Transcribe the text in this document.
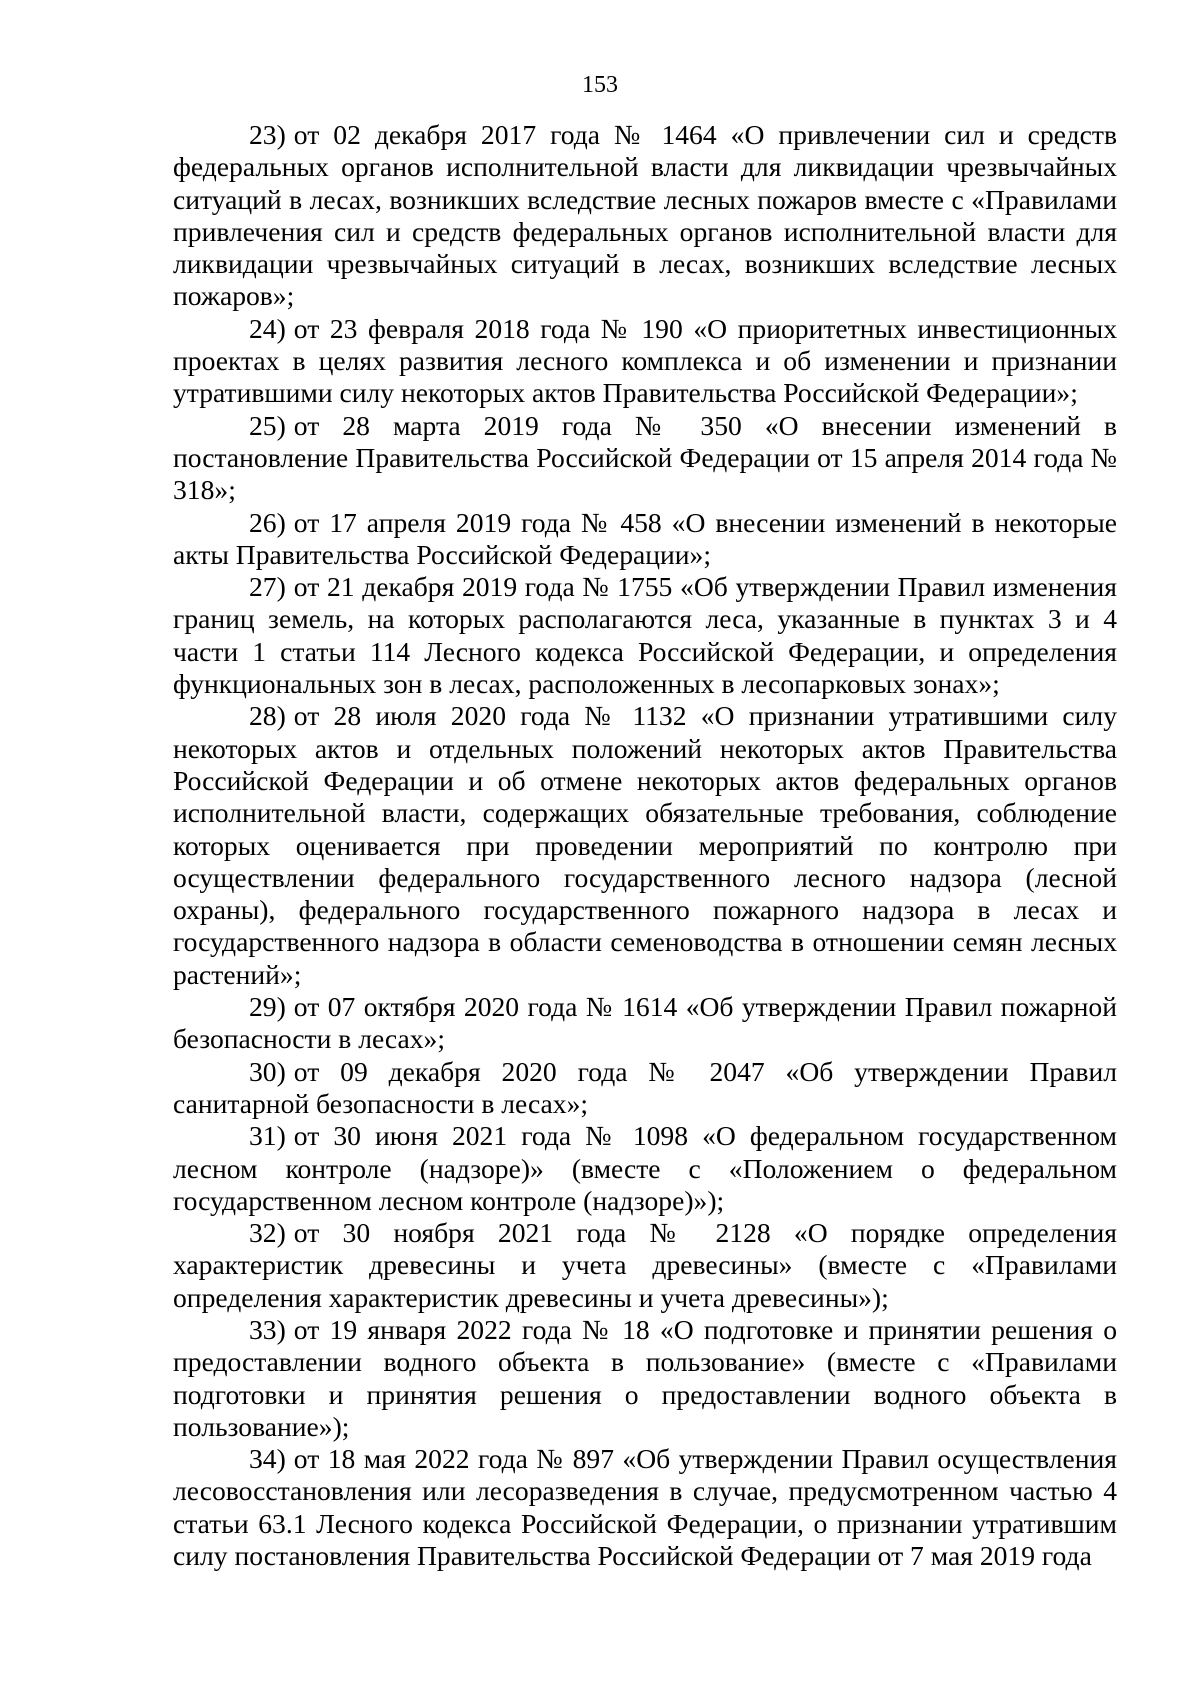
153

23) от 02 декабря 2017 года № 1464 «О привлечении сил и средств федеральных органов исполнительной власти для ликвидации чрезвычайных ситуаций в лесах, возникших вследствие лесных пожаров вместе с «Правилами привлечения сил и средств федеральных органов исполнительной власти для ликвидации чрезвычайных ситуаций в лесах, возникших вследствие лесных пожаров»;

24) от 23 февраля 2018 года № 190 «О приоритетных инвестиционных проектах в целях развития лесного комплекса и об изменении и признании утратившими силу некоторых актов Правительства Российской Федерации»;

25) от 28 марта 2019 года № 350 «О внесении изменений в постановление Правительства Российской Федерации от 15 апреля 2014 года № 318»;

26) от 17 апреля 2019 года № 458 «О внесении изменений в некоторые акты Правительства Российской Федерации»;

27) от 21 декабря 2019 года № 1755 «Об утверждении Правил изменения границ земель, на которых располагаются леса, указанные в пунктах 3 и 4 части 1 статьи 114 Лесного кодекса Российской Федерации, и определения функциональных зон в лесах, расположенных в лесопарковых зонах»;

28) от 28 июля 2020 года № 1132 «О признании утратившими силу некоторых актов и отдельных положений некоторых актов Правительства Российской Федерации и об отмене некоторых актов федеральных органов исполнительной власти, содержащих обязательные требования, соблюдение которых оценивается при проведении мероприятий по контролю при осуществлении федерального государственного лесного надзора (лесной охраны), федерального государственного пожарного надзора в лесах и государственного надзора в области семеноводства в отношении семян лесных растений»;

29) от 07 октября 2020 года № 1614 «Об утверждении Правил пожарной безопасности в лесах»;

30) от 09 декабря 2020 года № 2047 «Об утверждении Правил санитарной безопасности в лесах»;

31) от 30 июня 2021 года № 1098 «О федеральном государственном лесном контроле (надзоре)» (вместе с «Положением о федеральном государственном лесном контроле (надзоре)»);

32) от 30 ноября 2021 года № 2128 «О порядке определения характеристик древесины и учета древесины» (вместе с «Правилами определения характеристик древесины и учета древесины»);

33) от 19 января 2022 года № 18 «О подготовке и принятии решения о предоставлении водного объекта в пользование» (вместе с «Правилами подготовки и принятия решения о предоставлении водного объекта в пользование»);

34) от 18 мая 2022 года № 897 «Об утверждении Правил осуществления лесовосстановления или лесоразведения в случае, предусмотренном частью 4 статьи 63.1 Лесного кодекса Российской Федерации, о признании утратившим силу постановления Правительства Российской Федерации от 7 мая 2019 года
